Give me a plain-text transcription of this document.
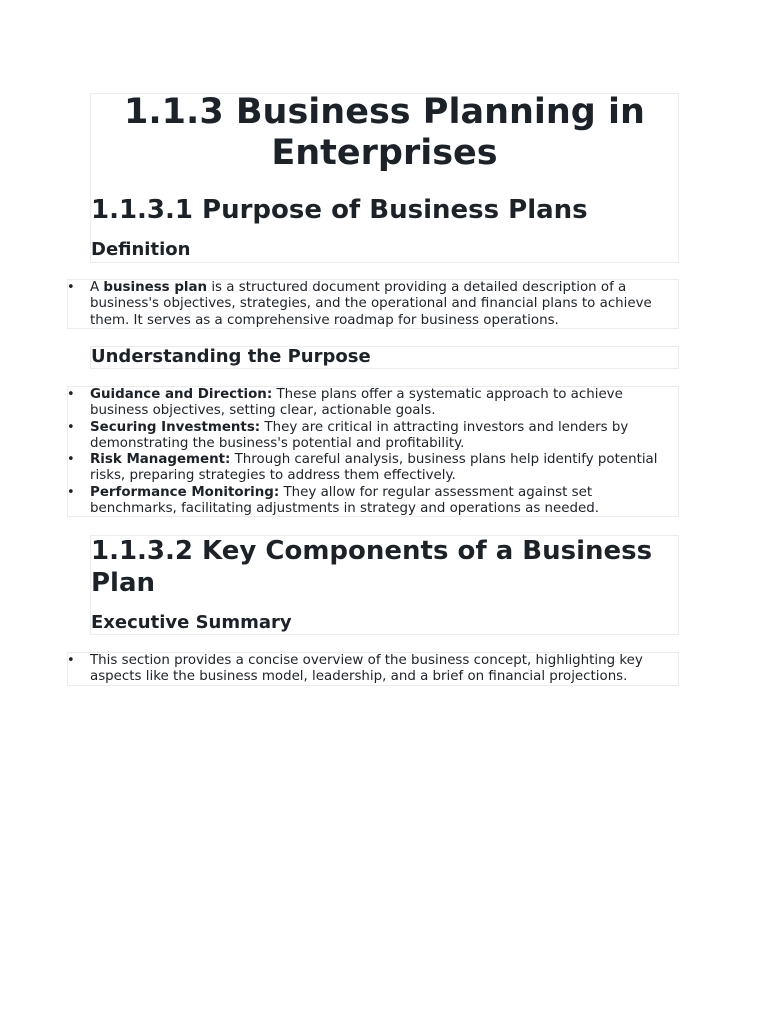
1.1.3 Business Planning in Enterprises
1.1.3.1 Purpose of Business Plans
Definition
• A business plan is a structured document providing a detailed description of a business's objectives, strategies, and the operational and financial plans to achieve them. It serves as a comprehensive roadmap for business operations.
Understanding the Purpose
• Guidance and Direction: These plans offer a systematic approach to achieve business objectives, setting clear, actionable goals.
• Securing Investments: They are critical in attracting investors and lenders by demonstrating the business's potential and profitability.
• Risk Management: Through careful analysis, business plans help identify potential risks, preparing strategies to address them effectively.
• Performance Monitoring: They allow for regular assessment against set benchmarks, facilitating adjustments in strategy and operations as needed.
1.1.3.2 Key Components of a Business Plan
Executive Summary
• This section provides a concise overview of the business concept, highlighting key aspects like the business model, leadership, and a brief on financial projections.
